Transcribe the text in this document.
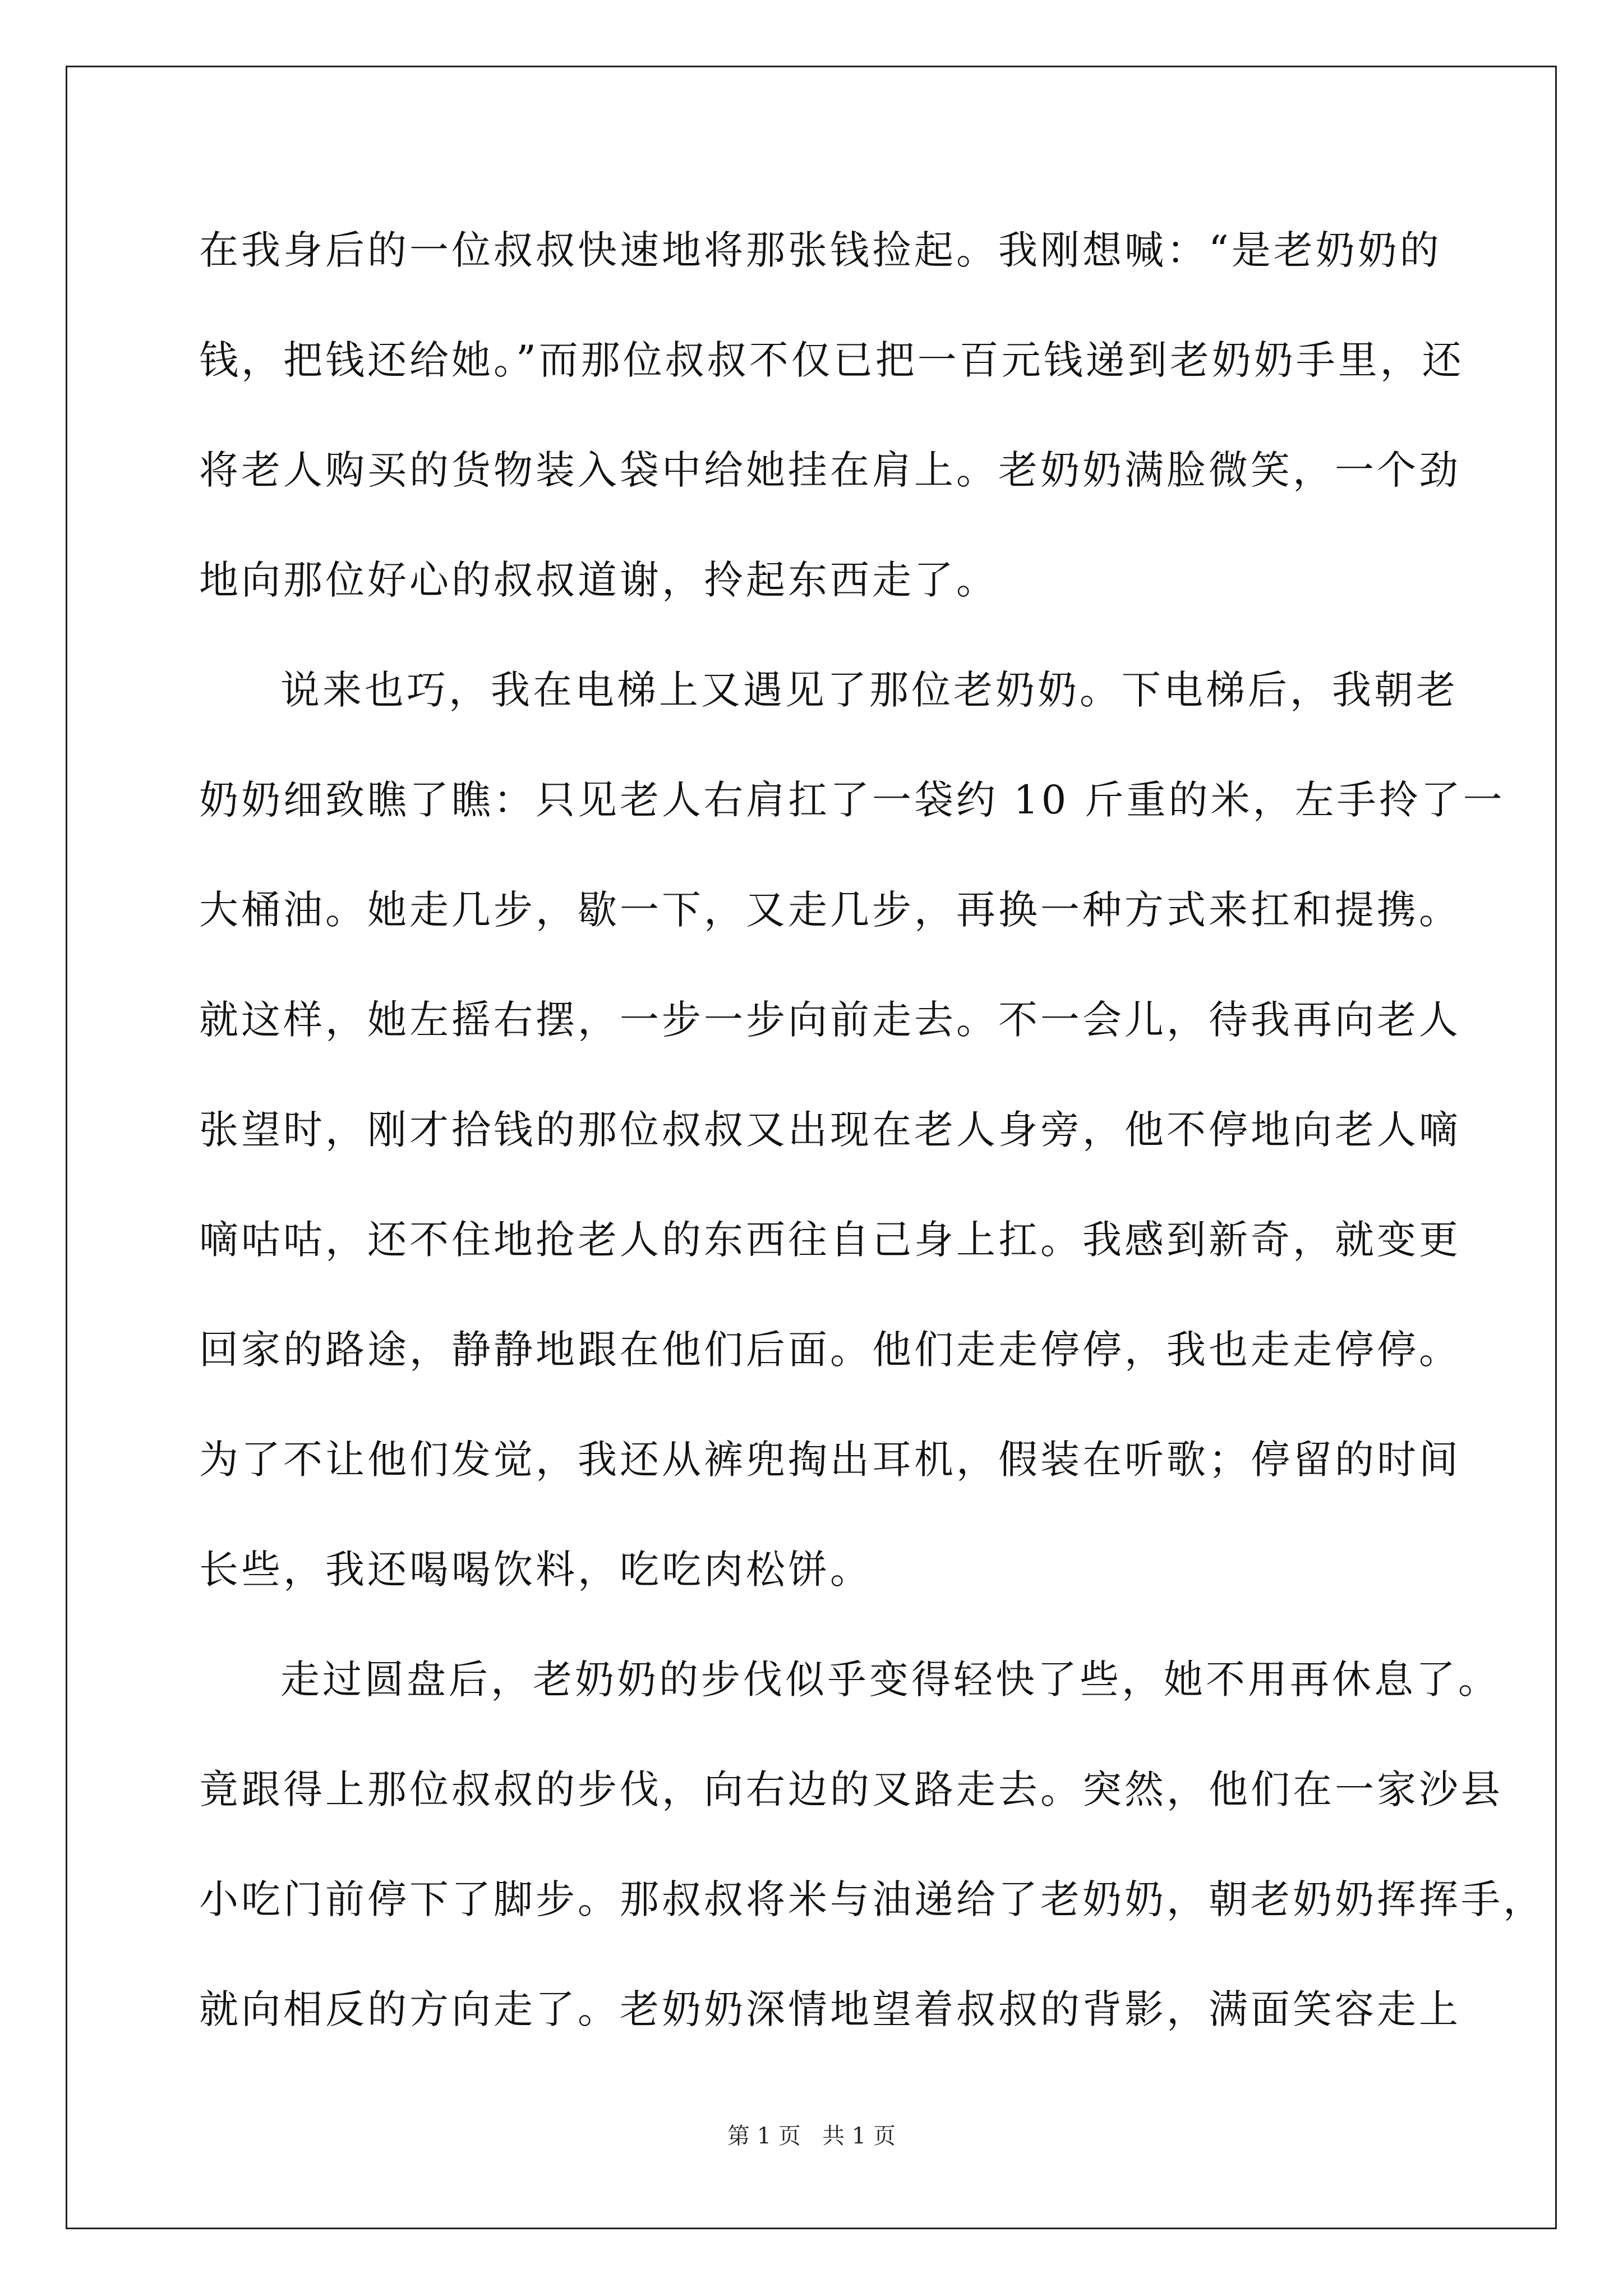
在我身后的一位叔叔快速地将那张钱捡起。我刚想喊：“是老奶奶的
钱，把钱还给她。”而那位叔叔不仅已把一百元钱递到老奶奶手里，还
将老人购买的货物装入袋中给她挂在肩上。老奶奶满脸微笑，一个劲
地向那位好心的叔叔道谢，拎起东西走了。
说来也巧，我在电梯上又遇见了那位老奶奶。下电梯后，我朝老
奶奶细致瞧了瞧：只见老人右肩扛了一袋约 10 斤重的米，左手拎了一
大桶油。她走几步，歇一下，又走几步，再换一种方式来扛和提携。
就这样，她左摇右摆，一步一步向前走去。不一会儿，待我再向老人
张望时，刚才拾钱的那位叔叔又出现在老人身旁，他不停地向老人嘀
嘀咕咕，还不住地抢老人的东西往自己身上扛。我感到新奇，就变更
回家的路途，静静地跟在他们后面。他们走走停停，我也走走停停。
为了不让他们发觉，我还从裤兜掏出耳机，假装在听歌；停留的时间
长些，我还喝喝饮料，吃吃肉松饼。
走过圆盘后，老奶奶的步伐似乎变得轻快了些，她不用再休息了。
竟跟得上那位叔叔的步伐，向右边的叉路走去。突然，他们在一家沙县
小吃门前停下了脚步。那叔叔将米与油递给了老奶奶，朝老奶奶挥挥手，
就向相反的方向走了。老奶奶深情地望着叔叔的背影，满面笑容走上
第 1 页   共 1 页
